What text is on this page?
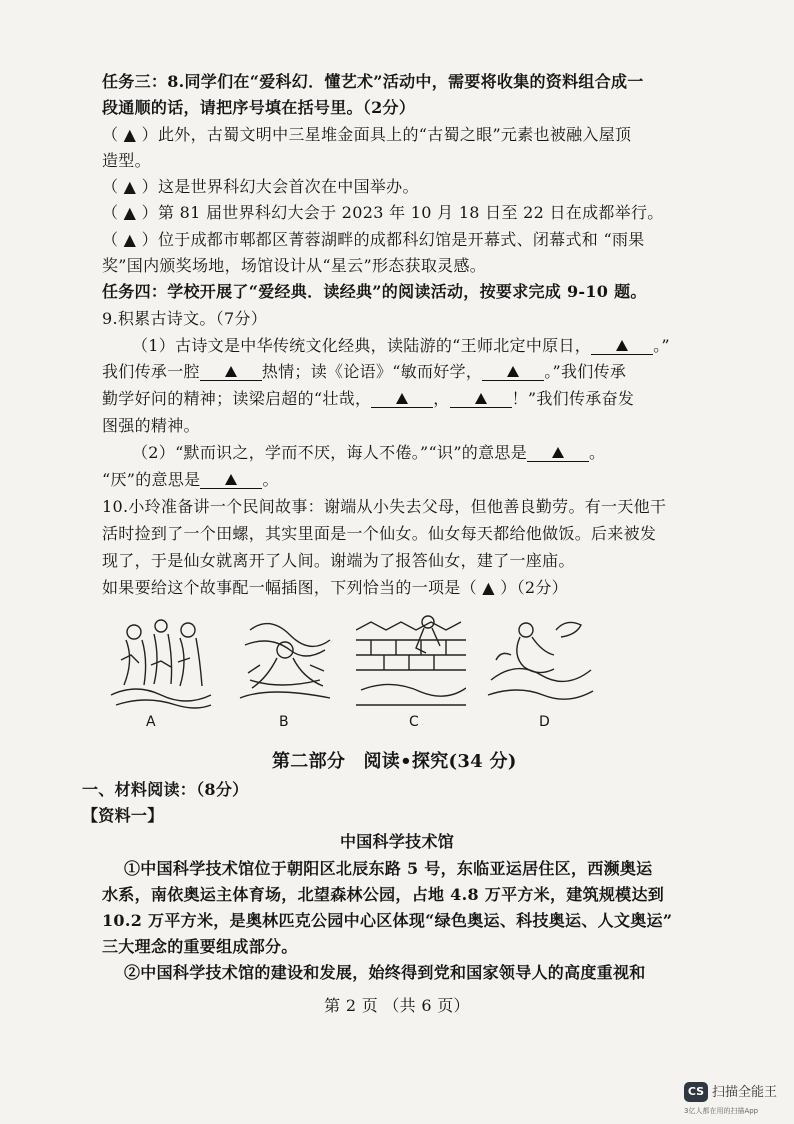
任务三：8.同学们在“爱科幻．懂艺术”活动中，需要将收集的资料组合成一
段通顺的话，请把序号填在括号里。（2分）
（ ▲ ）此外，古蜀文明中三星堆金面具上的“古蜀之眼”元素也被融入屋顶
造型。
（ ▲ ）这是世界科幻大会首次在中国举办。
（ ▲ ）第 81 届世界科幻大会于 2023 年 10 月 18 日至 22 日在成都举行。
（ ▲ ）位于成都市郫都区菁蓉湖畔的成都科幻馆是开幕式、闭幕式和 “雨果
奖”国内颁奖场地，场馆设计从“星云”形态获取灵感。
任务四：学校开展了“爱经典．读经典”的阅读活动，按要求完成 9-10 题。
9.积累古诗文。（7分）
（1）古诗文是中华传统文化经典，读陆游的“王师北定中原日，	。”
我们传承一腔	热情；读《论语》“敏而好学，	。”我们传承
勤学好问的精神；读梁启超的“壮哉，	，	！”我们传承奋发
图强的精神。
（2）“默而识之，学而不厌，诲人不倦。”“识”的意思是	。
“厌”的意思是	。
10.小玲准备讲一个民间故事：谢端从小失去父母，但他善良勤劳。有一天他干
活时捡到了一个田螺，其实里面是一个仙女。仙女每天都给他做饭。后来被发
现了，于是仙女就离开了人间。谢端为了报答仙女，建了一座庙。
如果要给这个故事配一幅插图，下列恰当的一项是（ ▲ ）（2分）
A	B	C	D
第二部分　阅读•探究(34 分)
一、材料阅读：（8分）
【资料一】
中国科学技术馆
①中国科学技术馆位于朝阳区北辰东路 5 号，东临亚运居住区，西濒奥运
水系，南依奥运主体育场，北望森林公园，占地 4.8 万平方米，建筑规模达到
10.2 万平方米，是奥林匹克公园中心区体现“绿色奥运、科技奥运、人文奥运”
三大理念的重要组成部分。
②中国科学技术馆的建设和发展，始终得到党和国家领导人的高度重视和
第 2 页 （共 6 页）
CS 扫描全能王
3亿人都在用的扫描App
